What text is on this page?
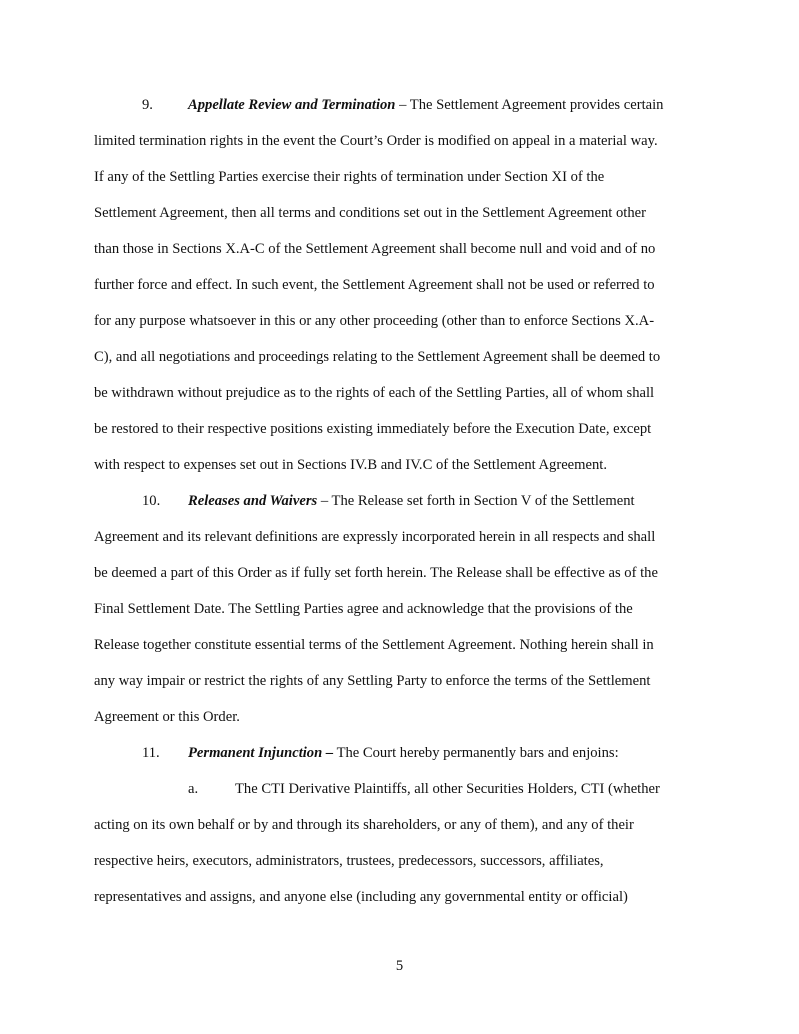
9. Appellate Review and Termination – The Settlement Agreement provides certain
limited termination rights in the event the Court’s Order is modified on appeal in a material way.
If any of the Settling Parties exercise their rights of termination under Section XI of the
Settlement Agreement, then all terms and conditions set out in the Settlement Agreement other
than those in Sections X.A-C of the Settlement Agreement shall become null and void and of no
further force and effect. In such event, the Settlement Agreement shall not be used or referred to
for any purpose whatsoever in this or any other proceeding (other than to enforce Sections X.A-
C), and all negotiations and proceedings relating to the Settlement Agreement shall be deemed to
be withdrawn without prejudice as to the rights of each of the Settling Parties, all of whom shall
be restored to their respective positions existing immediately before the Execution Date, except
with respect to expenses set out in Sections IV.B and IV.C of the Settlement Agreement.
10. Releases and Waivers – The Release set forth in Section V of the Settlement
Agreement and its relevant definitions are expressly incorporated herein in all respects and shall
be deemed a part of this Order as if fully set forth herein. The Release shall be effective as of the
Final Settlement Date. The Settling Parties agree and acknowledge that the provisions of the
Release together constitute essential terms of the Settlement Agreement. Nothing herein shall in
any way impair or restrict the rights of any Settling Party to enforce the terms of the Settlement
Agreement or this Order.
11. Permanent Injunction – The Court hereby permanently bars and enjoins:
a.	The CTI Derivative Plaintiffs, all other Securities Holders, CTI (whether
acting on its own behalf or by and through its shareholders, or any of them), and any of their
respective heirs, executors, administrators, trustees, predecessors, successors, affiliates,
representatives and assigns, and anyone else (including any governmental entity or official)
5
